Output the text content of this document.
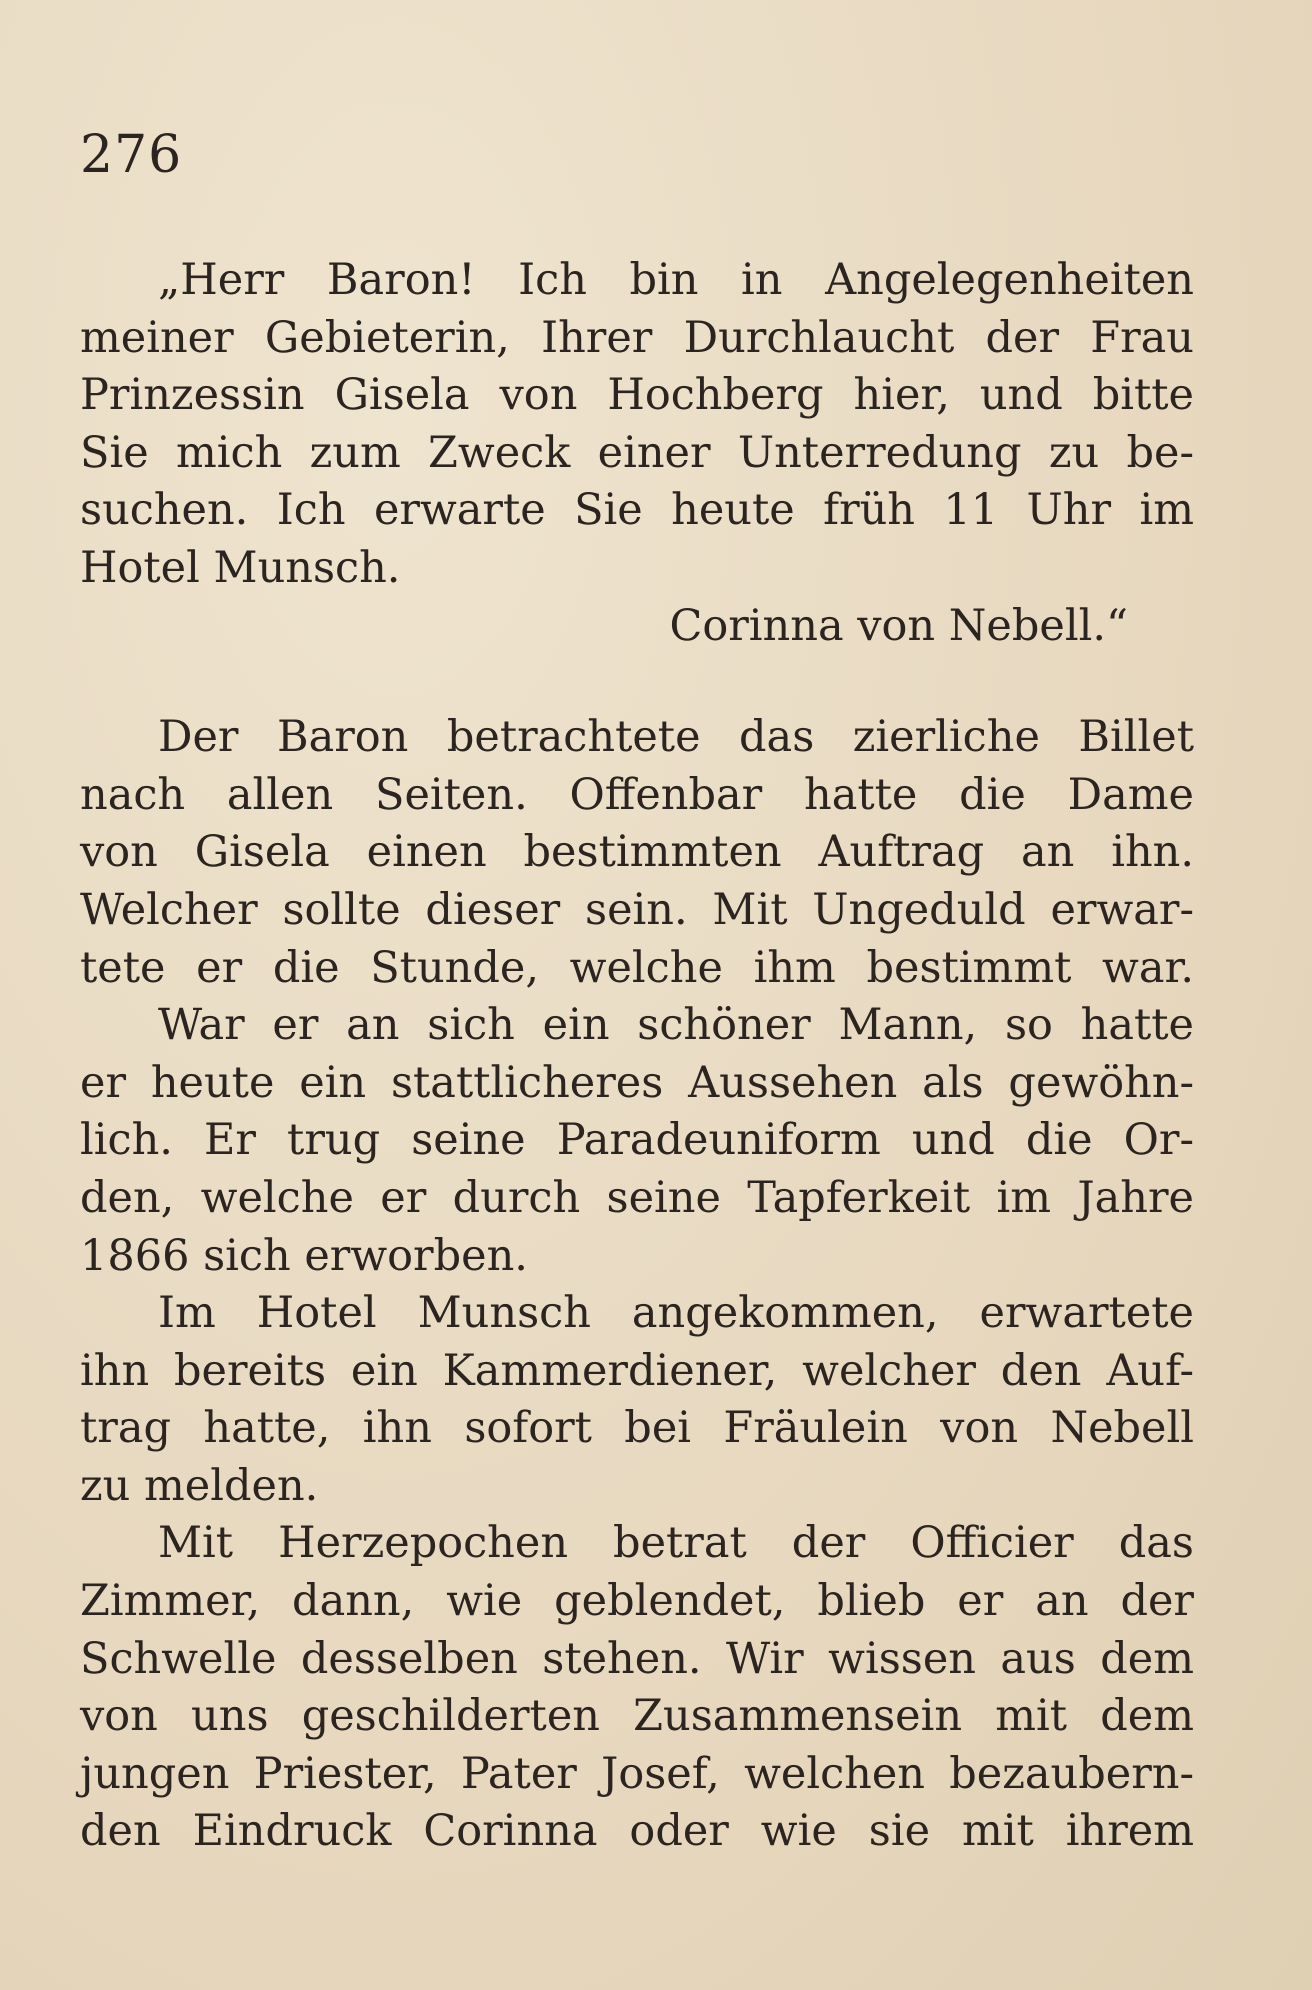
276
„Herr Baron! Ich bin in Angelegenheiten
meiner Gebieterin, Ihrer Durchlaucht der Frau
Prinzessin Gisela von Hochberg hier, und bitte
Sie mich zum Zweck einer Unterredung zu be-
suchen. Ich erwarte Sie heute früh 11 Uhr im
Hotel Munsch.
Corinna von Nebell.“
Der Baron betrachtete das zierliche Billet
nach allen Seiten. Offenbar hatte die Dame
von Gisela einen bestimmten Auftrag an ihn.
Welcher sollte dieser sein. Mit Ungeduld erwar-
tete er die Stunde, welche ihm bestimmt war.
War er an sich ein schöner Mann, so hatte
er heute ein stattlicheres Aussehen als gewöhn-
lich. Er trug seine Paradeuniform und die Or-
den, welche er durch seine Tapferkeit im Jahre
1866 sich erworben.
Im Hotel Munsch angekommen, erwartete
ihn bereits ein Kammerdiener, welcher den Auf-
trag hatte, ihn sofort bei Fräulein von Nebell
zu melden.
Mit Herzepochen betrat der Officier das
Zimmer, dann, wie geblendet, blieb er an der
Schwelle desselben stehen. Wir wissen aus dem
von uns geschilderten Zusammensein mit dem
jungen Priester, Pater Josef, welchen bezaubern-
den Eindruck Corinna oder wie sie mit ihrem
